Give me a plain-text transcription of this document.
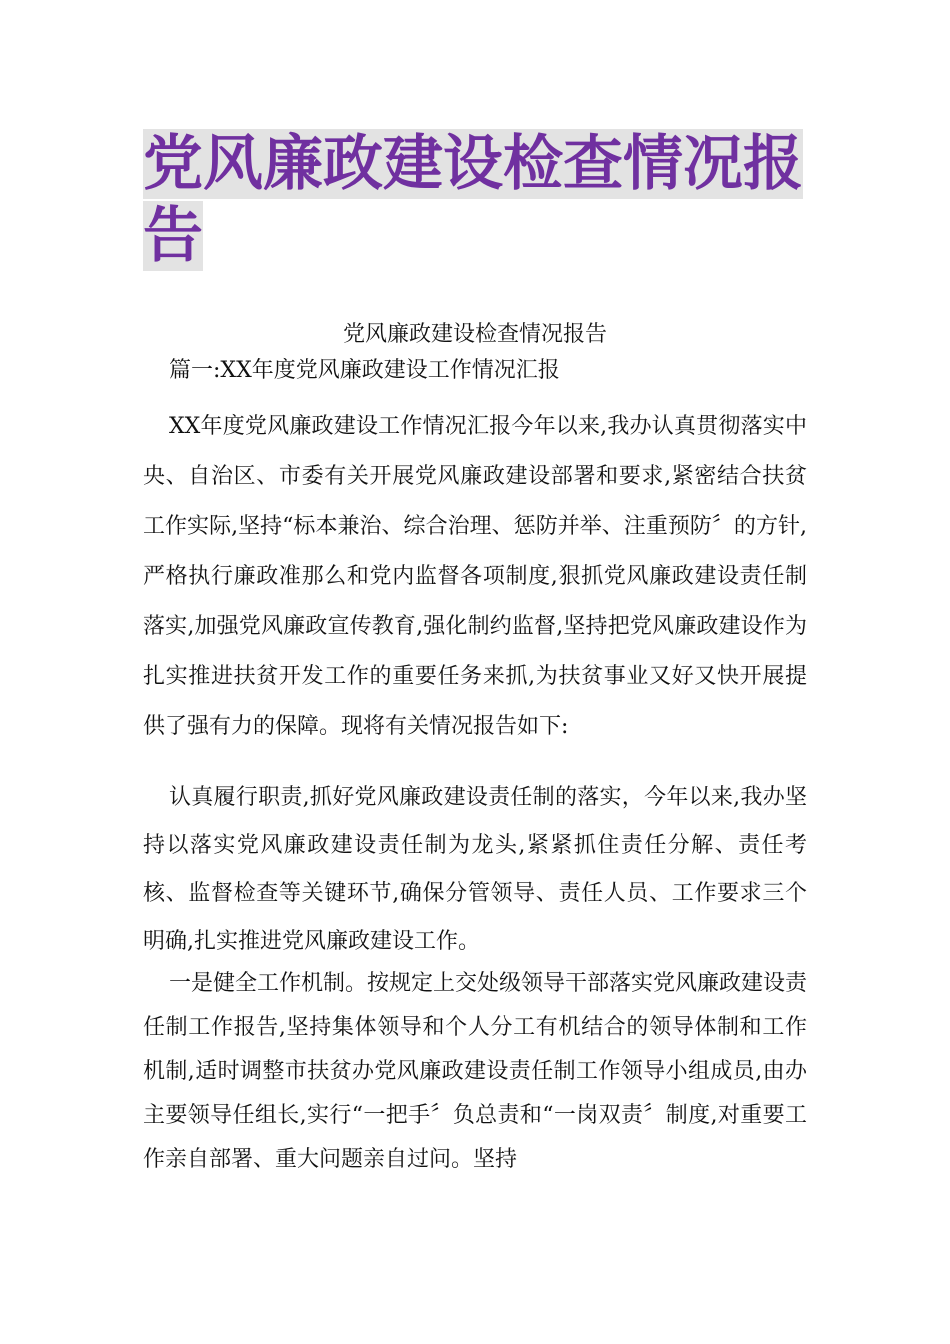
党风廉政建设检查情况报告

党风廉政建设检查情况报告

篇一:XX年度党风廉政建设工作情况汇报

XX年度党风廉政建设工作情况汇报今年以来,我办认真贯彻落实中央、自治区、市委有关开展党风廉政建设部署和要求,紧密结合扶贫工作实际,坚持“标本兼治、综合治理、惩防并举、注重预防〞的方针,严格执行廉政准那么和党内监督各项制度,狠抓党风廉政建设责任制落实,加强党风廉政宣传教育,强化制约监督,坚持把党风廉政建设作为扎实推进扶贫开发工作的重要任务来抓,为扶贫事业又好又快开展提供了强有力的保障。现将有关情况报告如下:

认真履行职责,抓好党风廉政建设责任制的落实，今年以来,我办坚持以落实党风廉政建设责任制为龙头,紧紧抓住责任分解、责任考核、监督检查等关键环节,确保分管领导、责任人员、工作要求三个明确,扎实推进党风廉政建设工作。

一是健全工作机制。按规定上交处级领导干部落实党风廉政建设责任制工作报告,坚持集体领导和个人分工有机结合的领导体制和工作机制,适时调整市扶贫办党风廉政建设责任制工作领导小组成员,由办主要领导任组长,实行“一把手〞负总责和“一岗双责〞制度,对重要工作亲自部署、重大问题亲自过问。坚持
